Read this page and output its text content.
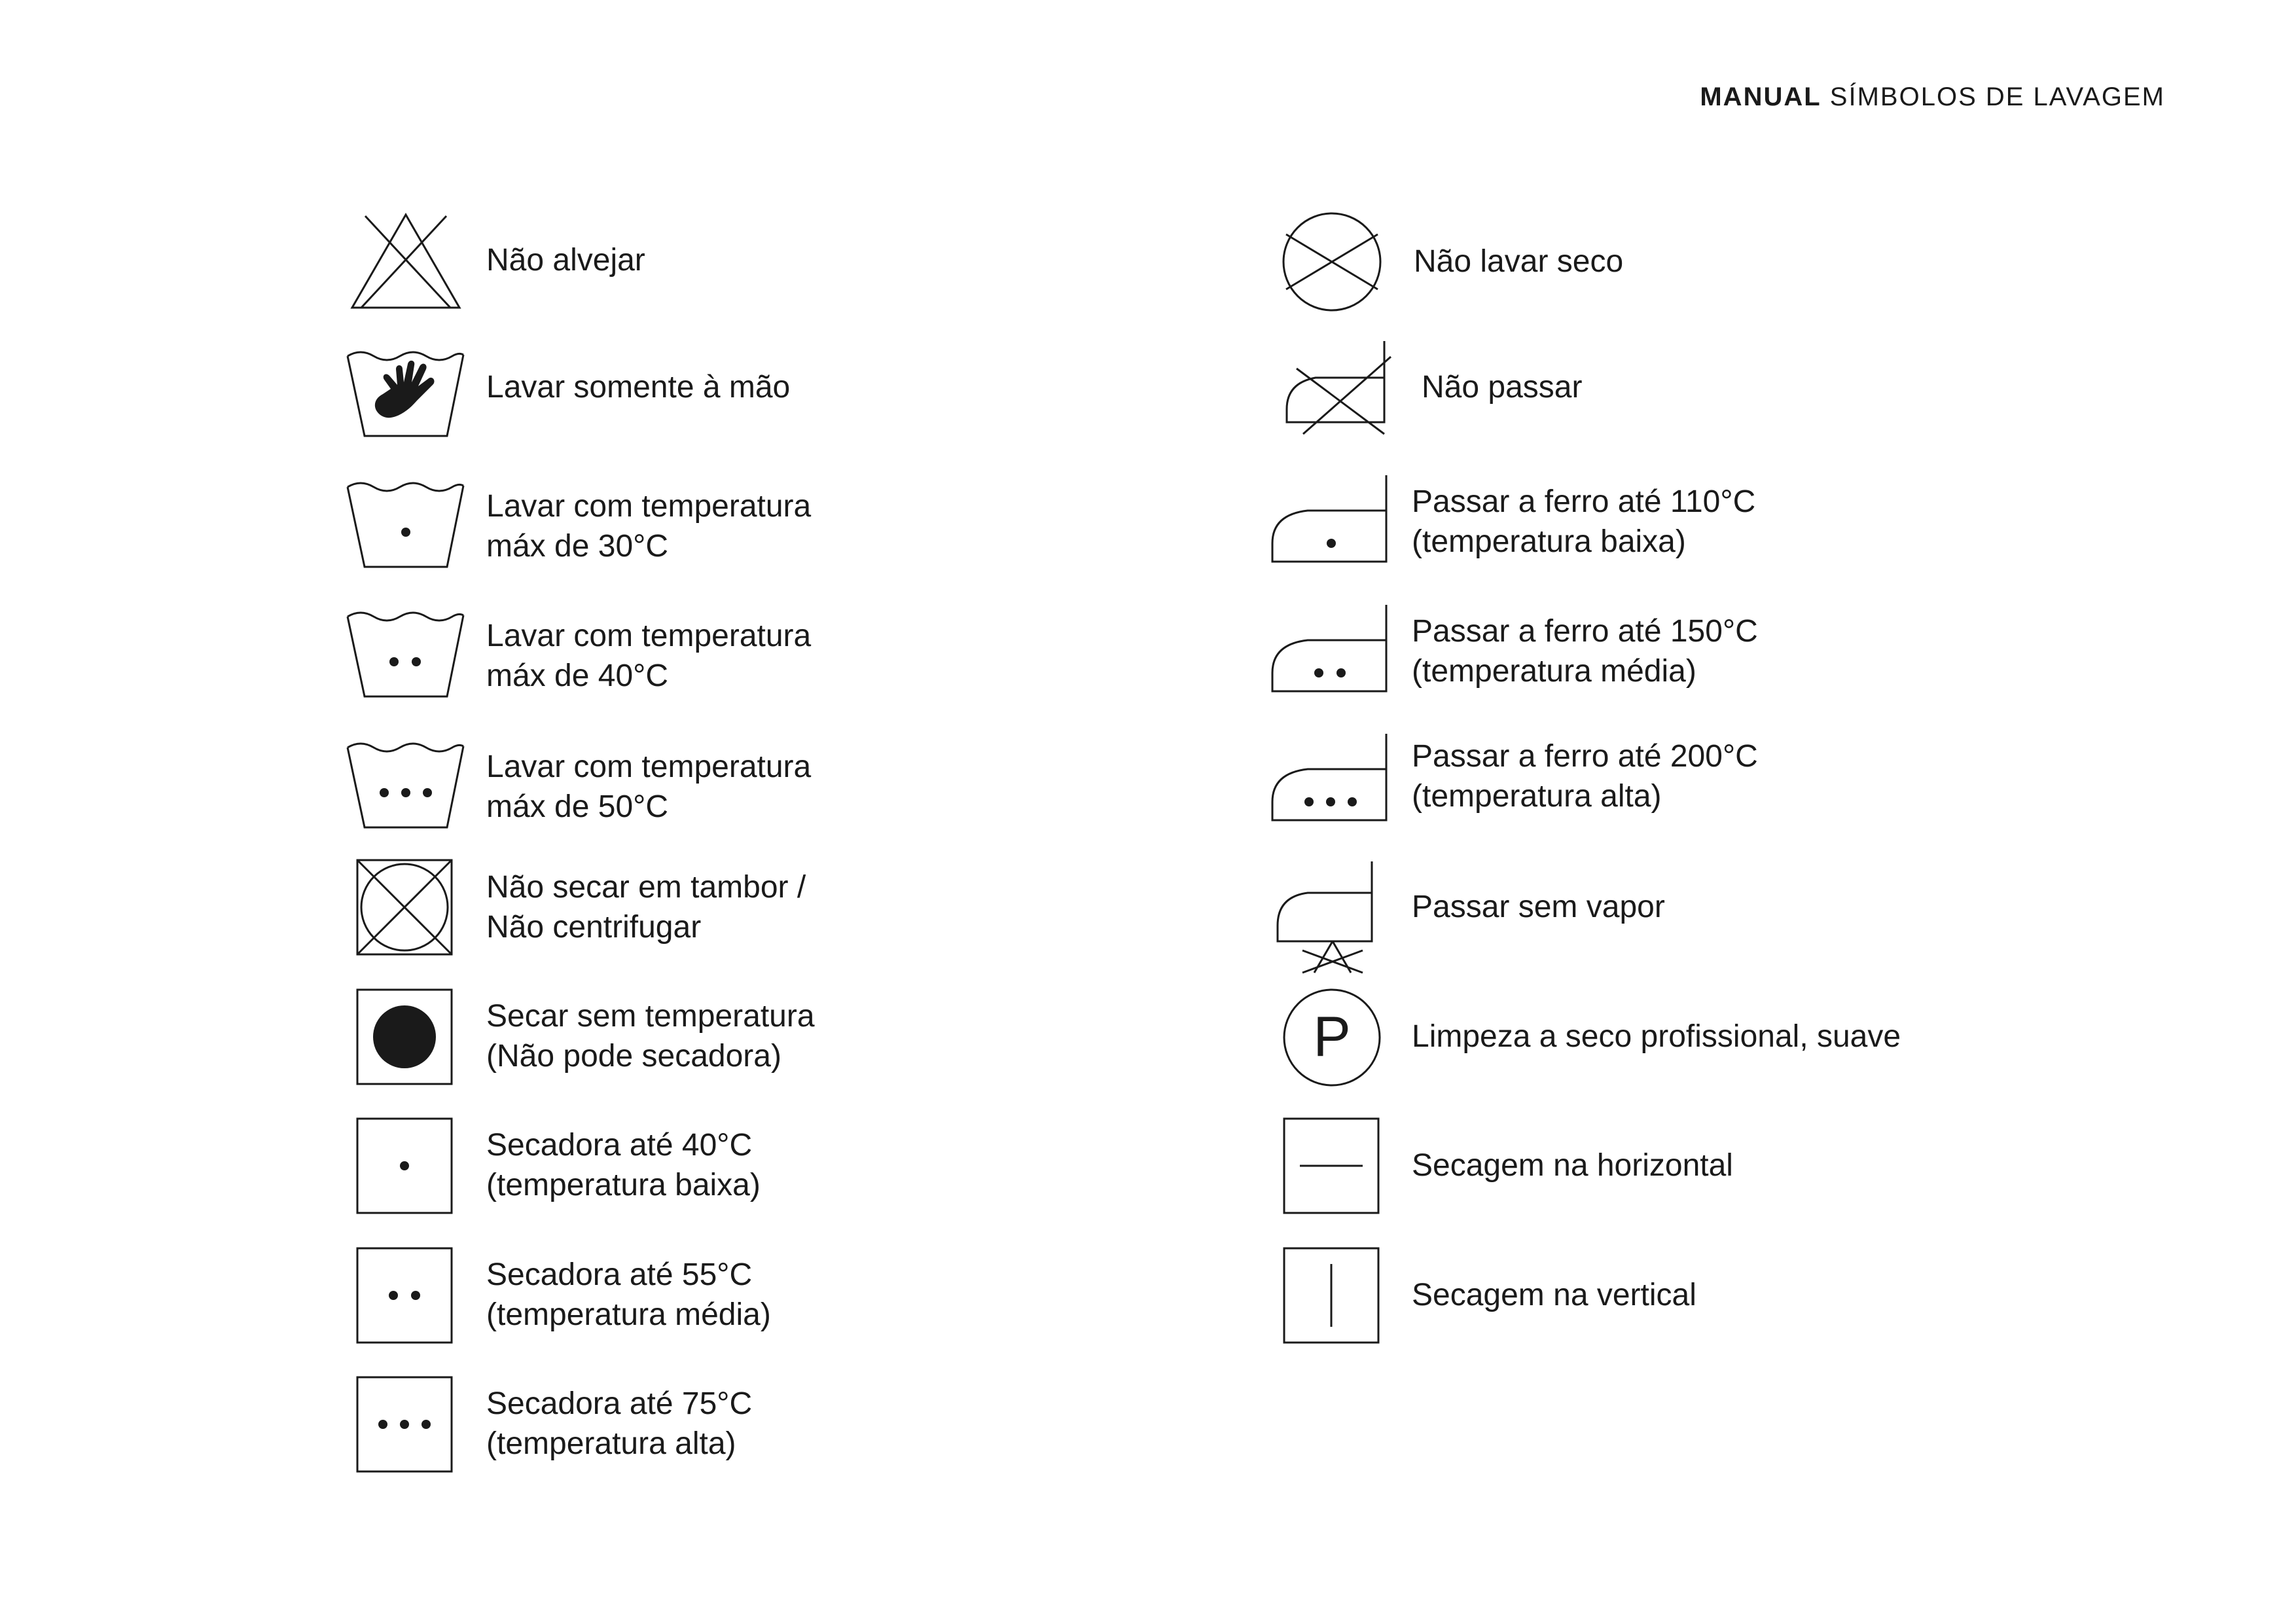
MANUAL SÍMBOLOS DE LAVAGEM
Não alvejar
Lavar somente à mão
Lavar com temperatura
máx de 30°C
Lavar com temperatura
máx de 40°C
Lavar com temperatura
máx de 50°C
Não secar em tambor /
Não centrifugar
Secar sem temperatura
(Não pode secadora)
Secadora até 40°C
(temperatura baixa)
Secadora até 55°C
(temperatura média)
Secadora até 75°C
(temperatura alta)
Não lavar seco
Não passar
Passar a ferro até 110°C
(temperatura baixa)
Passar a ferro até 150°C
(temperatura média)
Passar a ferro até 200°C
(temperatura alta)
Passar sem vapor
P Limpeza a seco profissional, suave
Secagem na horizontal
Secagem na vertical
